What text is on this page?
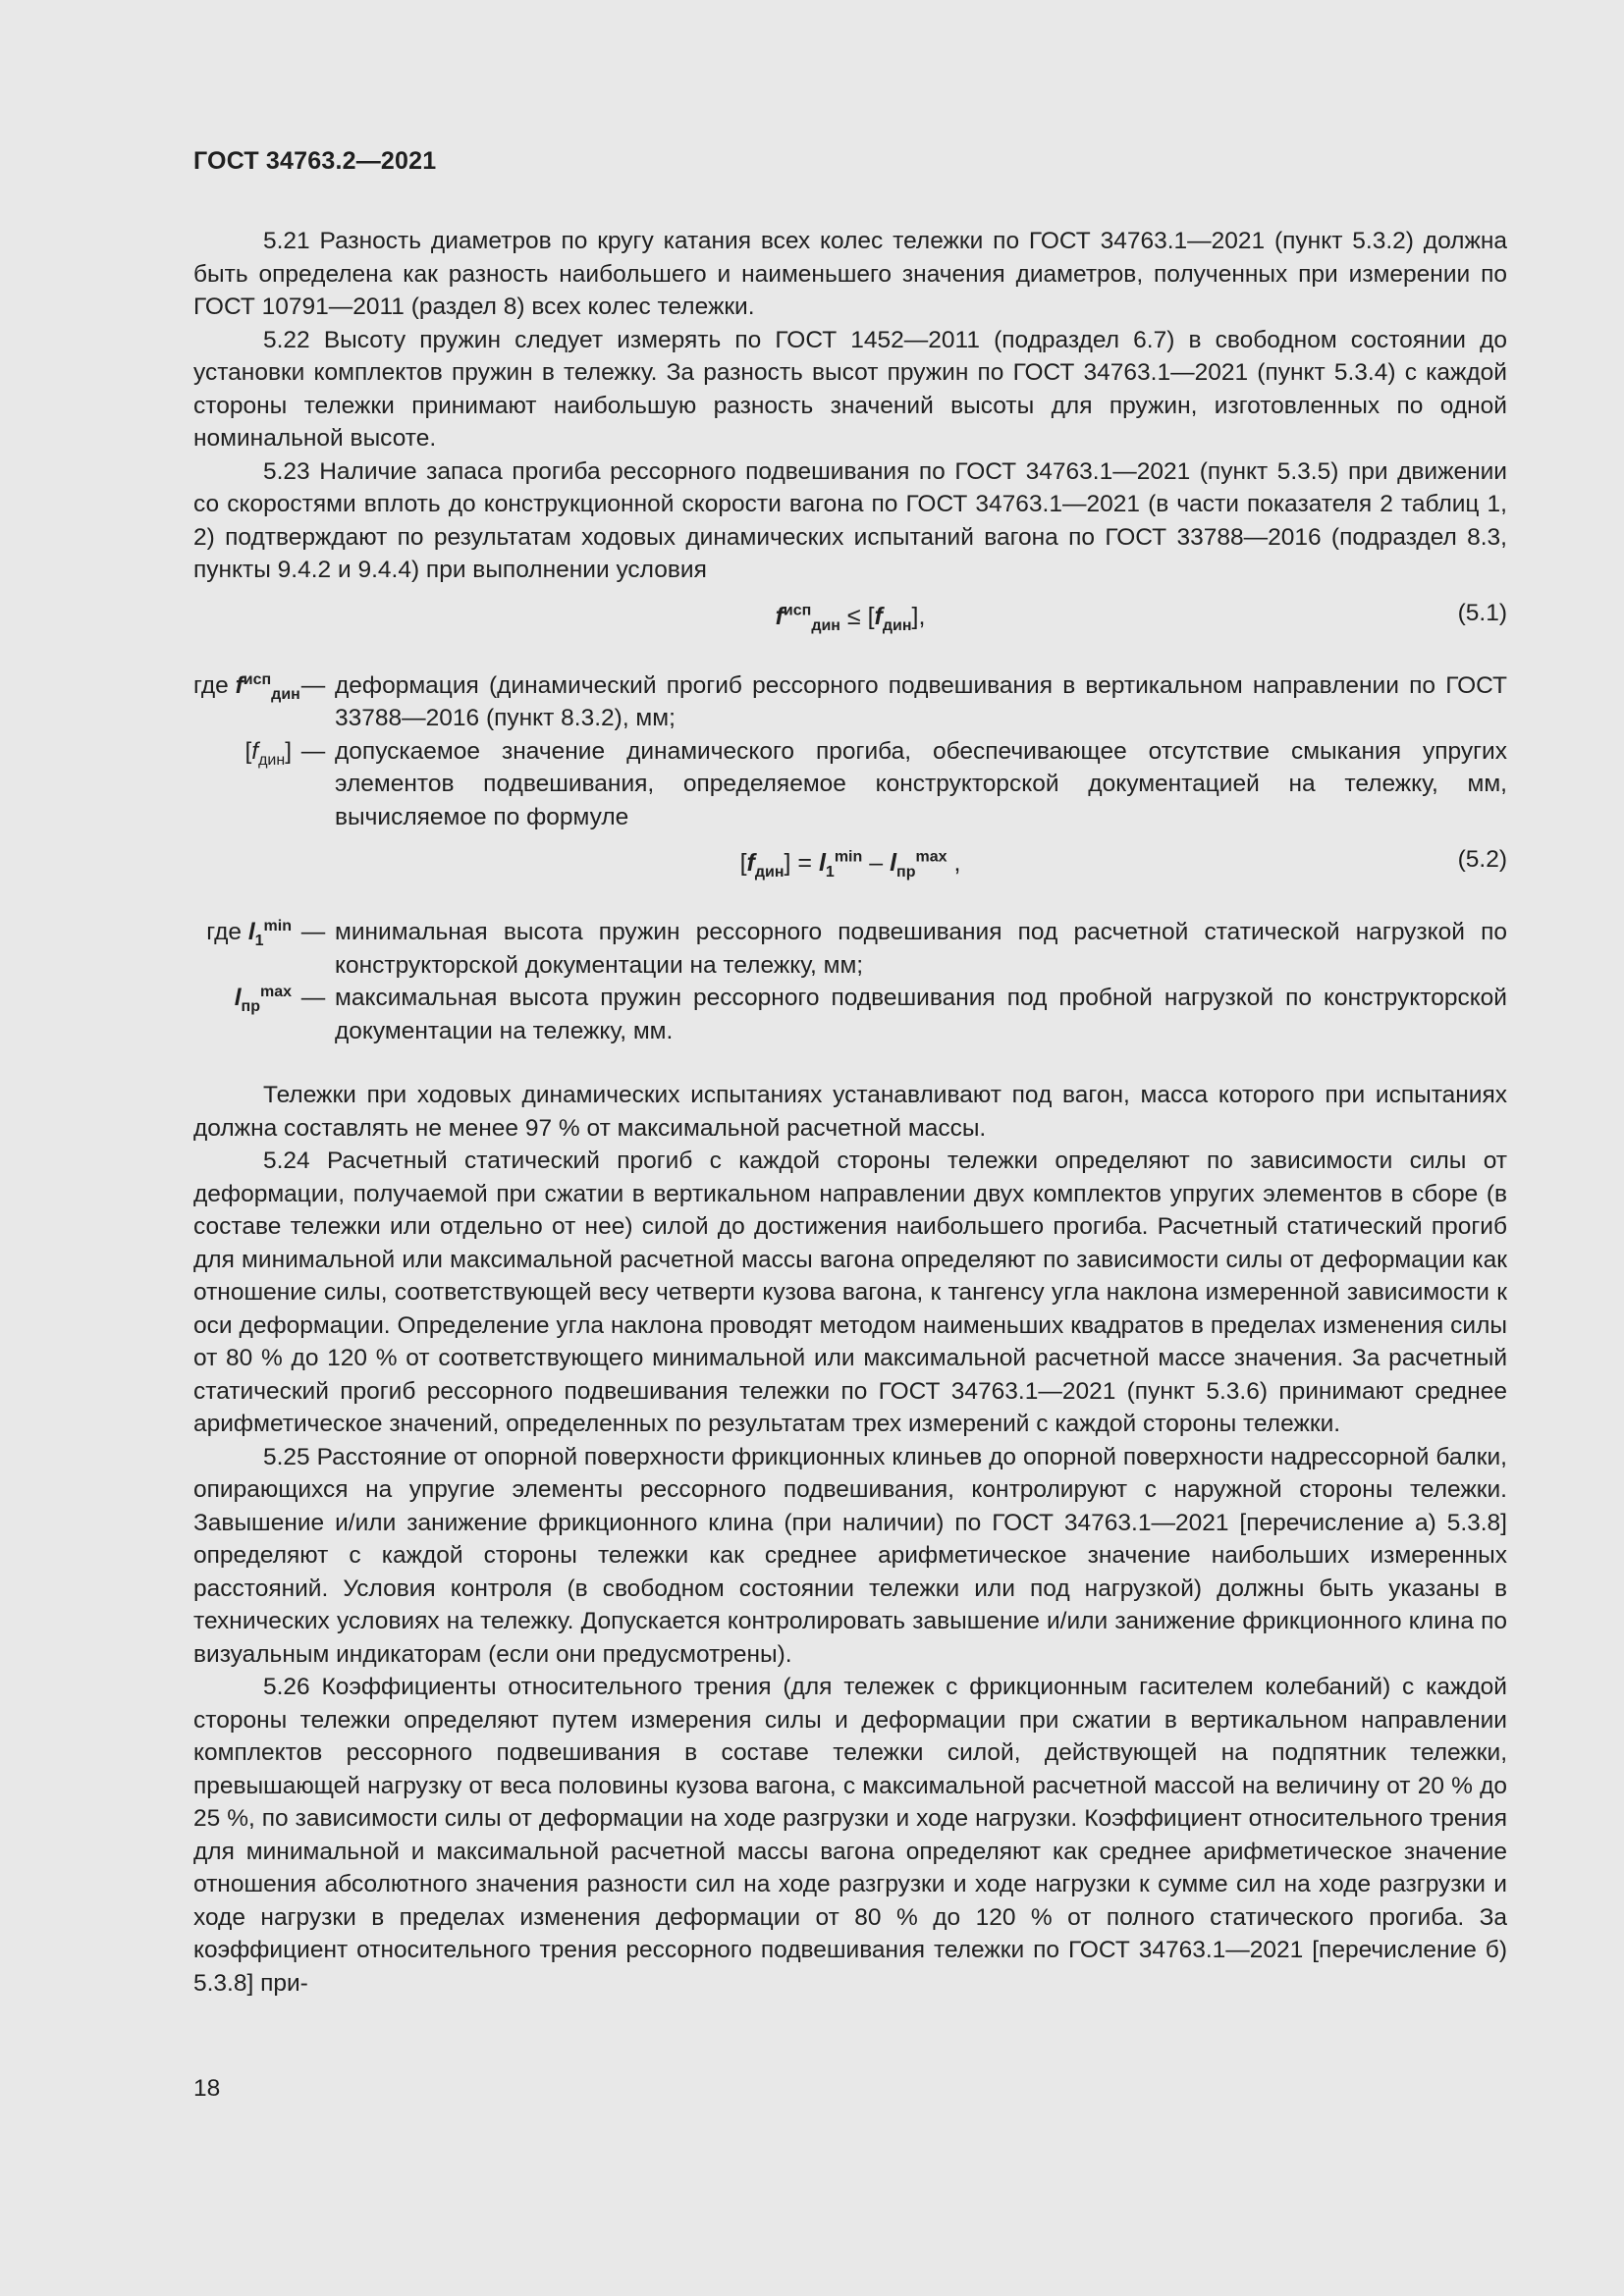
ГОСТ 34763.2—2021

5.21 Разность диаметров по кругу катания всех колес тележки по ГОСТ 34763.1—2021 (пункт 5.3.2) должна быть определена как разность наибольшего и наименьшего значения диаметров, полученных при измерении по ГОСТ 10791—2011 (раздел 8) всех колес тележки.

5.22 Высоту пружин следует измерять по ГОСТ 1452—2011 (подраздел 6.7) в свободном состоянии до установки комплектов пружин в тележку. За разность высот пружин по ГОСТ 34763.1—2021 (пункт 5.3.4) с каждой стороны тележки принимают наибольшую разность значений высоты для пружин, изготовленных по одной номинальной высоте.

5.23 Наличие запаса прогиба рессорного подвешивания по ГОСТ 34763.1—2021 (пункт 5.3.5) при движении со скоростями вплоть до конструкционной скорости вагона по ГОСТ 34763.1—2021 (в части показателя 2 таблиц 1, 2) подтверждают по результатам ходовых динамических испытаний вагона по ГОСТ 33788—2016 (подраздел 8.3, пункты 9.4.2 и 9.4.4) при выполнении условия

$f^{исп}_{дин} \le [f_{дин}]$,	(5.1)
где $f^{исп}_{дин}$ — деформация (динамический прогиб рессорного подвешивания в вертикальном направлении по ГОСТ 33788—2016 (пункт 8.3.2), мм;
$[f_{дин}]$ — допускаемое значение динамического прогиба, обеспечивающее отсутствие смыкания упругих элементов подвешивания, определяемое конструкторской документацией на тележку, мм, вычисляемое по формуле
$[f_{дин}] = l_1^{min} - l_{пр}^{max}$ ,	(5.2)
где $l_1^{min}$ — минимальная высота пружин рессорного подвешивания под расчетной статической нагрузкой по конструкторской документации на тележку, мм;
$l_{пр}^{max}$ — максимальная высота пружин рессорного подвешивания под пробной нагрузкой по конструкторской документации на тележку, мм.

Тележки при ходовых динамических испытаниях устанавливают под вагон, масса которого при испытаниях должна составлять не менее 97 % от максимальной расчетной массы.

5.24 Расчетный статический прогиб с каждой стороны тележки определяют по зависимости силы от деформации, получаемой при сжатии в вертикальном направлении двух комплектов упругих элементов в сборе (в составе тележки или отдельно от нее) силой до достижения наибольшего прогиба. Расчетный статический прогиб для минимальной или максимальной расчетной массы вагона определяют по зависимости силы от деформации как отношение силы, соответствующей весу четверти кузова вагона, к тангенсу угла наклона измеренной зависимости к оси деформации. Определение угла наклона проводят методом наименьших квадратов в пределах изменения силы от 80 % до 120 % от соответствующего минимальной или максимальной расчетной массе значения. За расчетный статический прогиб рессорного подвешивания тележки по ГОСТ 34763.1—2021 (пункт 5.3.6) принимают среднее арифметическое значений, определенных по результатам трех измерений с каждой стороны тележки.

5.25 Расстояние от опорной поверхности фрикционных клиньев до опорной поверхности надрессорной балки, опирающихся на упругие элементы рессорного подвешивания, контролируют с наружной стороны тележки. Завышение и/или занижение фрикционного клина (при наличии) по ГОСТ 34763.1—2021 [перечисление а) 5.3.8] определяют с каждой стороны тележки как среднее арифметическое значение наибольших измеренных расстояний. Условия контроля (в свободном состоянии тележки или под нагрузкой) должны быть указаны в технических условиях на тележку. Допускается контролировать завышение и/или занижение фрикционного клина по визуальным индикаторам (если они предусмотрены).

5.26 Коэффициенты относительного трения (для тележек с фрикционным гасителем колебаний) с каждой стороны тележки определяют путем измерения силы и деформации при сжатии в вертикальном направлении комплектов рессорного подвешивания в составе тележки силой, действующей на подпятник тележки, превышающей нагрузку от веса половины кузова вагона, с максимальной расчетной массой на величину от 20 % до 25 %, по зависимости силы от деформации на ходе разгрузки и ходе нагрузки. Коэффициент относительного трения для минимальной и максимальной расчетной массы вагона определяют как среднее арифметическое значение отношения абсолютного значения разности сил на ходе разгрузки и ходе нагрузки к сумме сил на ходе разгрузки и ходе нагрузки в пределах изменения деформации от 80 % до 120 % от полного статического прогиба. За коэффициент относительного трения рессорного подвешивания тележки по ГОСТ 34763.1—2021 [перечисление б) 5.3.8] при-

18
